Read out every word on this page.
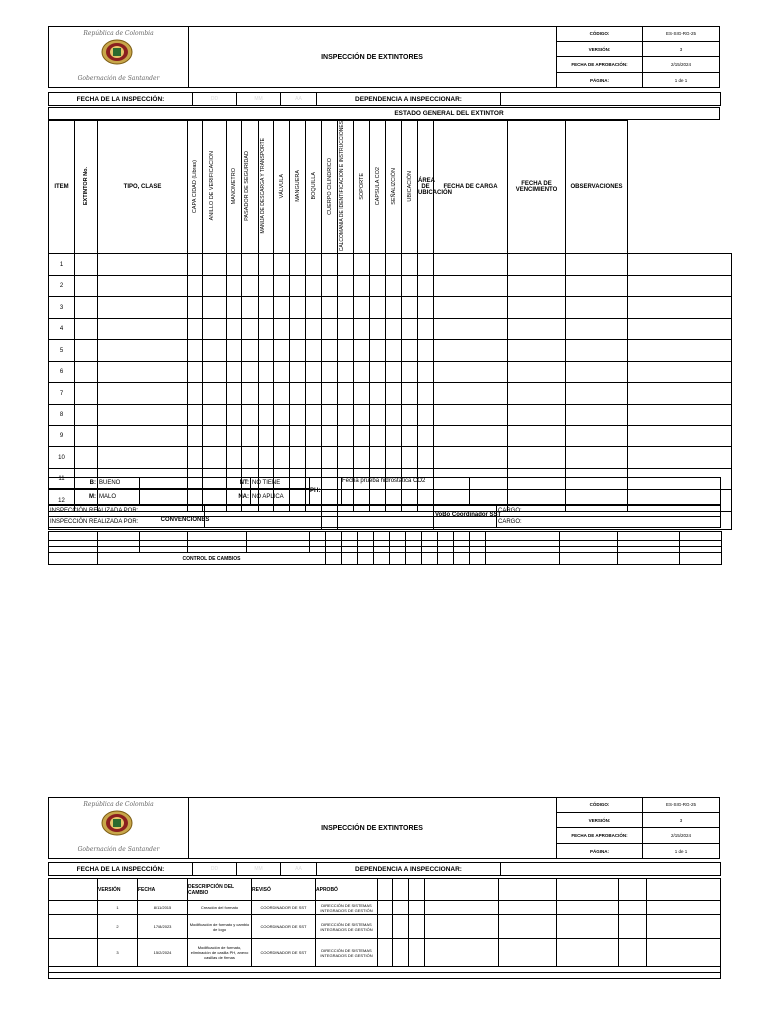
República de Colombia
Gobernación de Santander
INSPECCIÓN DE EXTINTORES
CÓDIGO:	ES-SIG-RG-25
VERSIÓN:	3
FECHA DE APROBACIÓN:	2/15/2024
PÁGINA:	1 de 1
FECHA DE LA INSPECCIÓN:	DD	MM	AA	DEPENDENCIA A INSPECCIONAR:	
ESTADO GENERAL DEL EXTINTOR
ITEM	EXTINTOR No.	TIPO, CLASE	CAPA CIDAD (Libras)	ANILLO DE VERIFICACION	MANOMETRO	PASADOR DE SEGURIDAD	MANIJA DE DESCARGA Y TRANSPORTE	VÁLVULA	MANGUERA	BOQUILLA	CUERPO CILINDRICO	CALCOMANIA DE IDENTIFICACION E INSTRUCCIONES	SOPORTE	CAPSULA CO2	SEÑALIZCIÓN	UBICACIÓN	ÁREA DE UBICACIÓN	FECHA DE CARGA	FECHA DE VENCIMIENTO	OBSERVACIONES	
1																					
2																					
3																					
4																					
5																					
6																					
7																					
8																					
9																					
10																					
11																					
12																					
CONVENCIONES																		VoBo Coordinador SST			
B:	BUENO	NT:	NO TIENE	PH:	Fecha prueba hidrostatica CO2	
M:	MALO	NA:	NO APLICA			
INSPECCIÓN REALIZADA POR:		CARGO:
INSPECCIÓN REALIZADA POR:		CARGO:

	CONTROL DE CAMBIOS																		
República de Colombia
Gobernación de Santander
INSPECCIÓN DE EXTINTORES
CÓDIGO:	ES-SIG-RG-25
VERSIÓN:	3
FECHA DE APROBACIÓN:	2/15/2024
PÁGINA:	1 de 1
FECHA DE LA INSPECCIÓN:	DD	MM	AA	DEPENDENCIA A INSPECCIONAR:	
	VERSIÓN	FECHA	DESCRIPCIÓN DEL CAMBIO	REVISÓ	APROBÓ								
	1	8/11/2015	Creación del formato	COORDINADOR DE SST	DIRECCIÓN DE SISTEMAS INTEGRADOS DE GESTIÓN								
	2	17/8/2023	Modificación de formato y cambio de logo	COORDINADOR DE SST	DIRECCIÓN DE SISTEMAS INTEGRADOS DE GESTIÓN								
	3	15/2/2024	Modificación de formato, eliminación de casilla PH, anexo casillas de firmas	COORDINADOR DE SST	DIRECCIÓN DE SISTEMAS INTEGRADOS DE GESTIÓN								
